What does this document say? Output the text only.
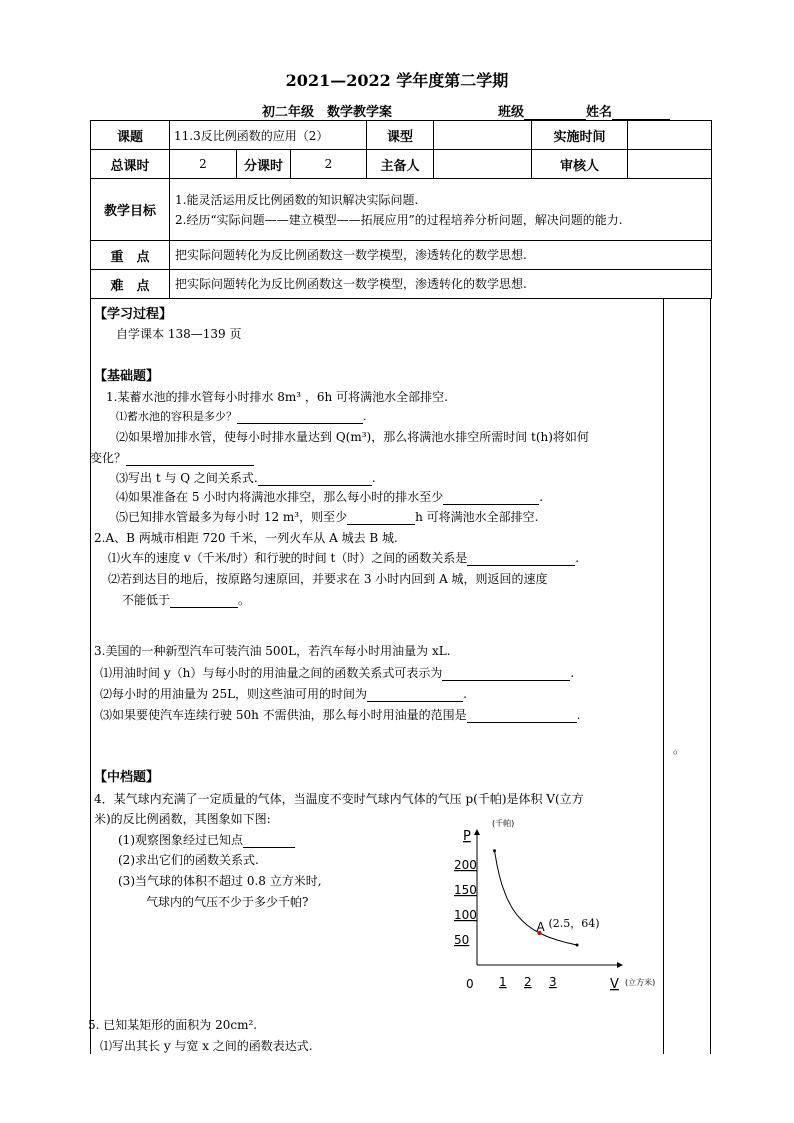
2021—2022 学年度第二学期
初二年级　数学教学案	班级	姓名
课题	11.3反比例函数的应用（2）			课型		实施时间	
总课时	2	分课时	2	主备人		审核人	
教学目标	1.能灵活运用反比例函数的知识解决实际问题.
2.经历“实际问题——建立模型——拓展应用”的过程培养分析问题，解决问题的能力.						

重　点	把实际问题转化为反比例函数这一数学模型，渗透转化的数学思想.						
难　点	把实际问题转化为反比例函数这一数学模型，渗透转化的数学思想.						
。
【学习过程】
自学课本 138—139 页
【基础题】
1.某蓄水池的排水管每小时排水 8m³ ，6h 可将满池水全部排空.
⑴蓄水池的容积是多少？	.
⑵如果增加排水管，使每小时排水量达到 Q(m³)，那么将满池水排空所需时间 t(h)将如何
变化？
⑶写出 t 与 Q 之间关系式.	.
⑷如果准备在 5 小时内将满池水排空，那么每小时的排水至少	.
⑸已知排水管最多为每小时 12 m³，则至少	h 可将满池水全部排空.
2.A、B 两城市相距 720 千米，一列火车从 A 城去 B 城.
⑴火车的速度 v（千米/时）和行驶的时间 t（时）之间的函数关系是	.
⑵若到达目的地后，按原路匀速原回，并要求在 3 小时内回到 A 城，则返回的速度
不能低于	。
3.美国的一种新型汽车可装汽油 500L，若汽车每小时用油量为 xL.
⑴用油时间 y（h）与每小时的用油量之间的函数关系式可表示为	.
⑵每小时的用油量为 25L，则这些油可用的时间为	.
⑶如果要使汽车连续行驶 50h 不需供油，那么每小时用油量的范围是	.
【中档题】
4．某气球内充满了一定质量的气体，当温度不变时气球内气体的气压 p(千帕)是体积 V(立方
米)的反比例函数，其图象如下图:
(1)观察图象经过已知点
(2)求出它们的函数关系式.
(3)当气球的体积不超过 0.8 立方米时,
气球内的气压不少于多少千帕?
P
(千帕)
V (立方米)
0 1 2 3
50
100
150
200
A (2.5，64)
5. 已知某矩形的面积为 20cm².
⑴写出其长 y 与宽 x 之间的函数表达式.
